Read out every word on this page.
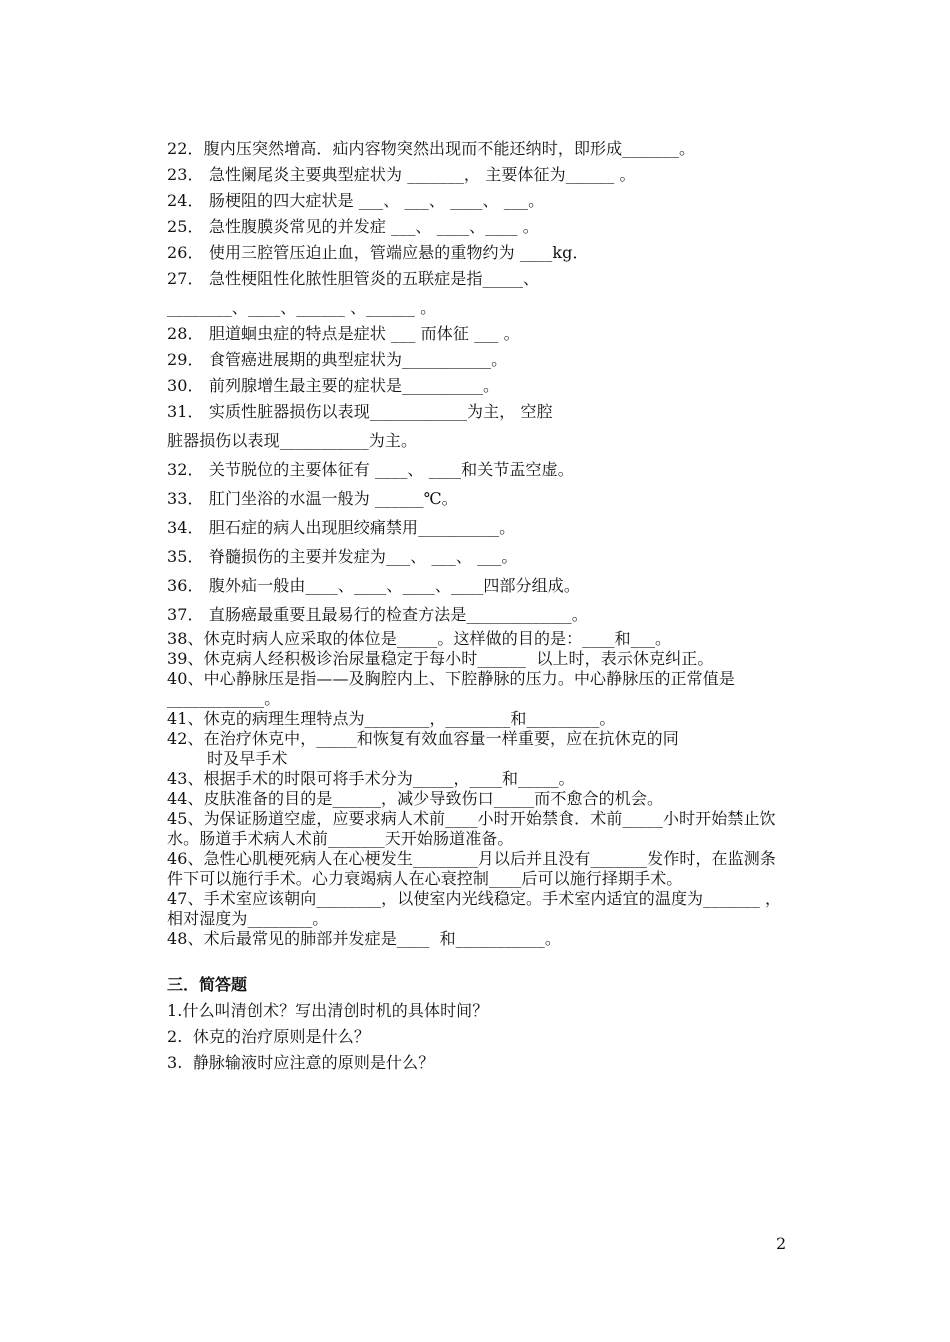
22．腹内压突然增高．疝内容物突然出现而不能还纳时，即形成_______。
23． 急性阑尾炎主要典型症状为 _______， 主要体征为______ 。
24． 肠梗阻的四大症状是 ___、 ___、 ____、 ___。
25． 急性腹膜炎常见的并发症 ___、 ____、____ 。
26． 使用三腔管压迫止血，管端应悬的重物约为 ____kg．
27． 急性梗阻性化脓性胆管炎的五联症是指_____、
________、____、______ 、______ 。
28． 胆道蛔虫症的特点是症状 ___ 而体征 ___ 。
29． 食管癌进展期的典型症状为___________。
30． 前列腺增生最主要的症状是__________。
31． 实质性脏器损伤以表现____________为主， 空腔
脏器损伤以表现___________为主。
32． 关节脱位的主要体征有 ____、 ____和关节盂空虚。
33． 肛门坐浴的水温一般为 ______℃。
34． 胆石症的病人出现胆绞痛禁用__________。
35． 脊髓损伤的主要并发症为___、 ___、 ___。
36． 腹外疝一般由____、____、____、____四部分组成。
37． 直肠癌最重要且最易行的检查方法是_____________。
38、休克时病人应采取的体位是_____。这样做的目的是：____和___。
39、休克病人经积极诊治尿量稳定于每小时______  以上时，表示休克纠正。
40、中心静脉压是指——及胸腔内上、下腔静脉的压力。中心静脉压的正常值是____________。
41、休克的病理生理特点为________，________和_________。
42、在治疗休克中，_____和恢复有效血容量一样重要，应在抗休克的同
时及早手术
43、根据手术的时限可将手术分为_____，____和_____。
44、皮肤准备的目的是______，减少导致伤口_____而不愈合的机会。
45、为保证肠道空虚，应要求病人术前____小时开始禁食．术前_____小时开始禁止饮水。肠道手术病人术前_______天开始肠道准备。
46、急性心肌梗死病人在心梗发生________月以后并且没有_______发作时，在监测条件下可以施行手术。心力衰竭病人在心衰控制____后可以施行择期手术。
47、手术室应该朝向________，以使室内光线稳定。手术室内适宜的温度为_______ ，相对湿度为________。
48、术后最常见的肺部并发症是____  和___________。
三．简答题
1.什么叫清创术？写出清创时机的具体时间？
2.  休克的治疗原则是什么？
3.  静脉输液时应注意的原则是什么？
2
